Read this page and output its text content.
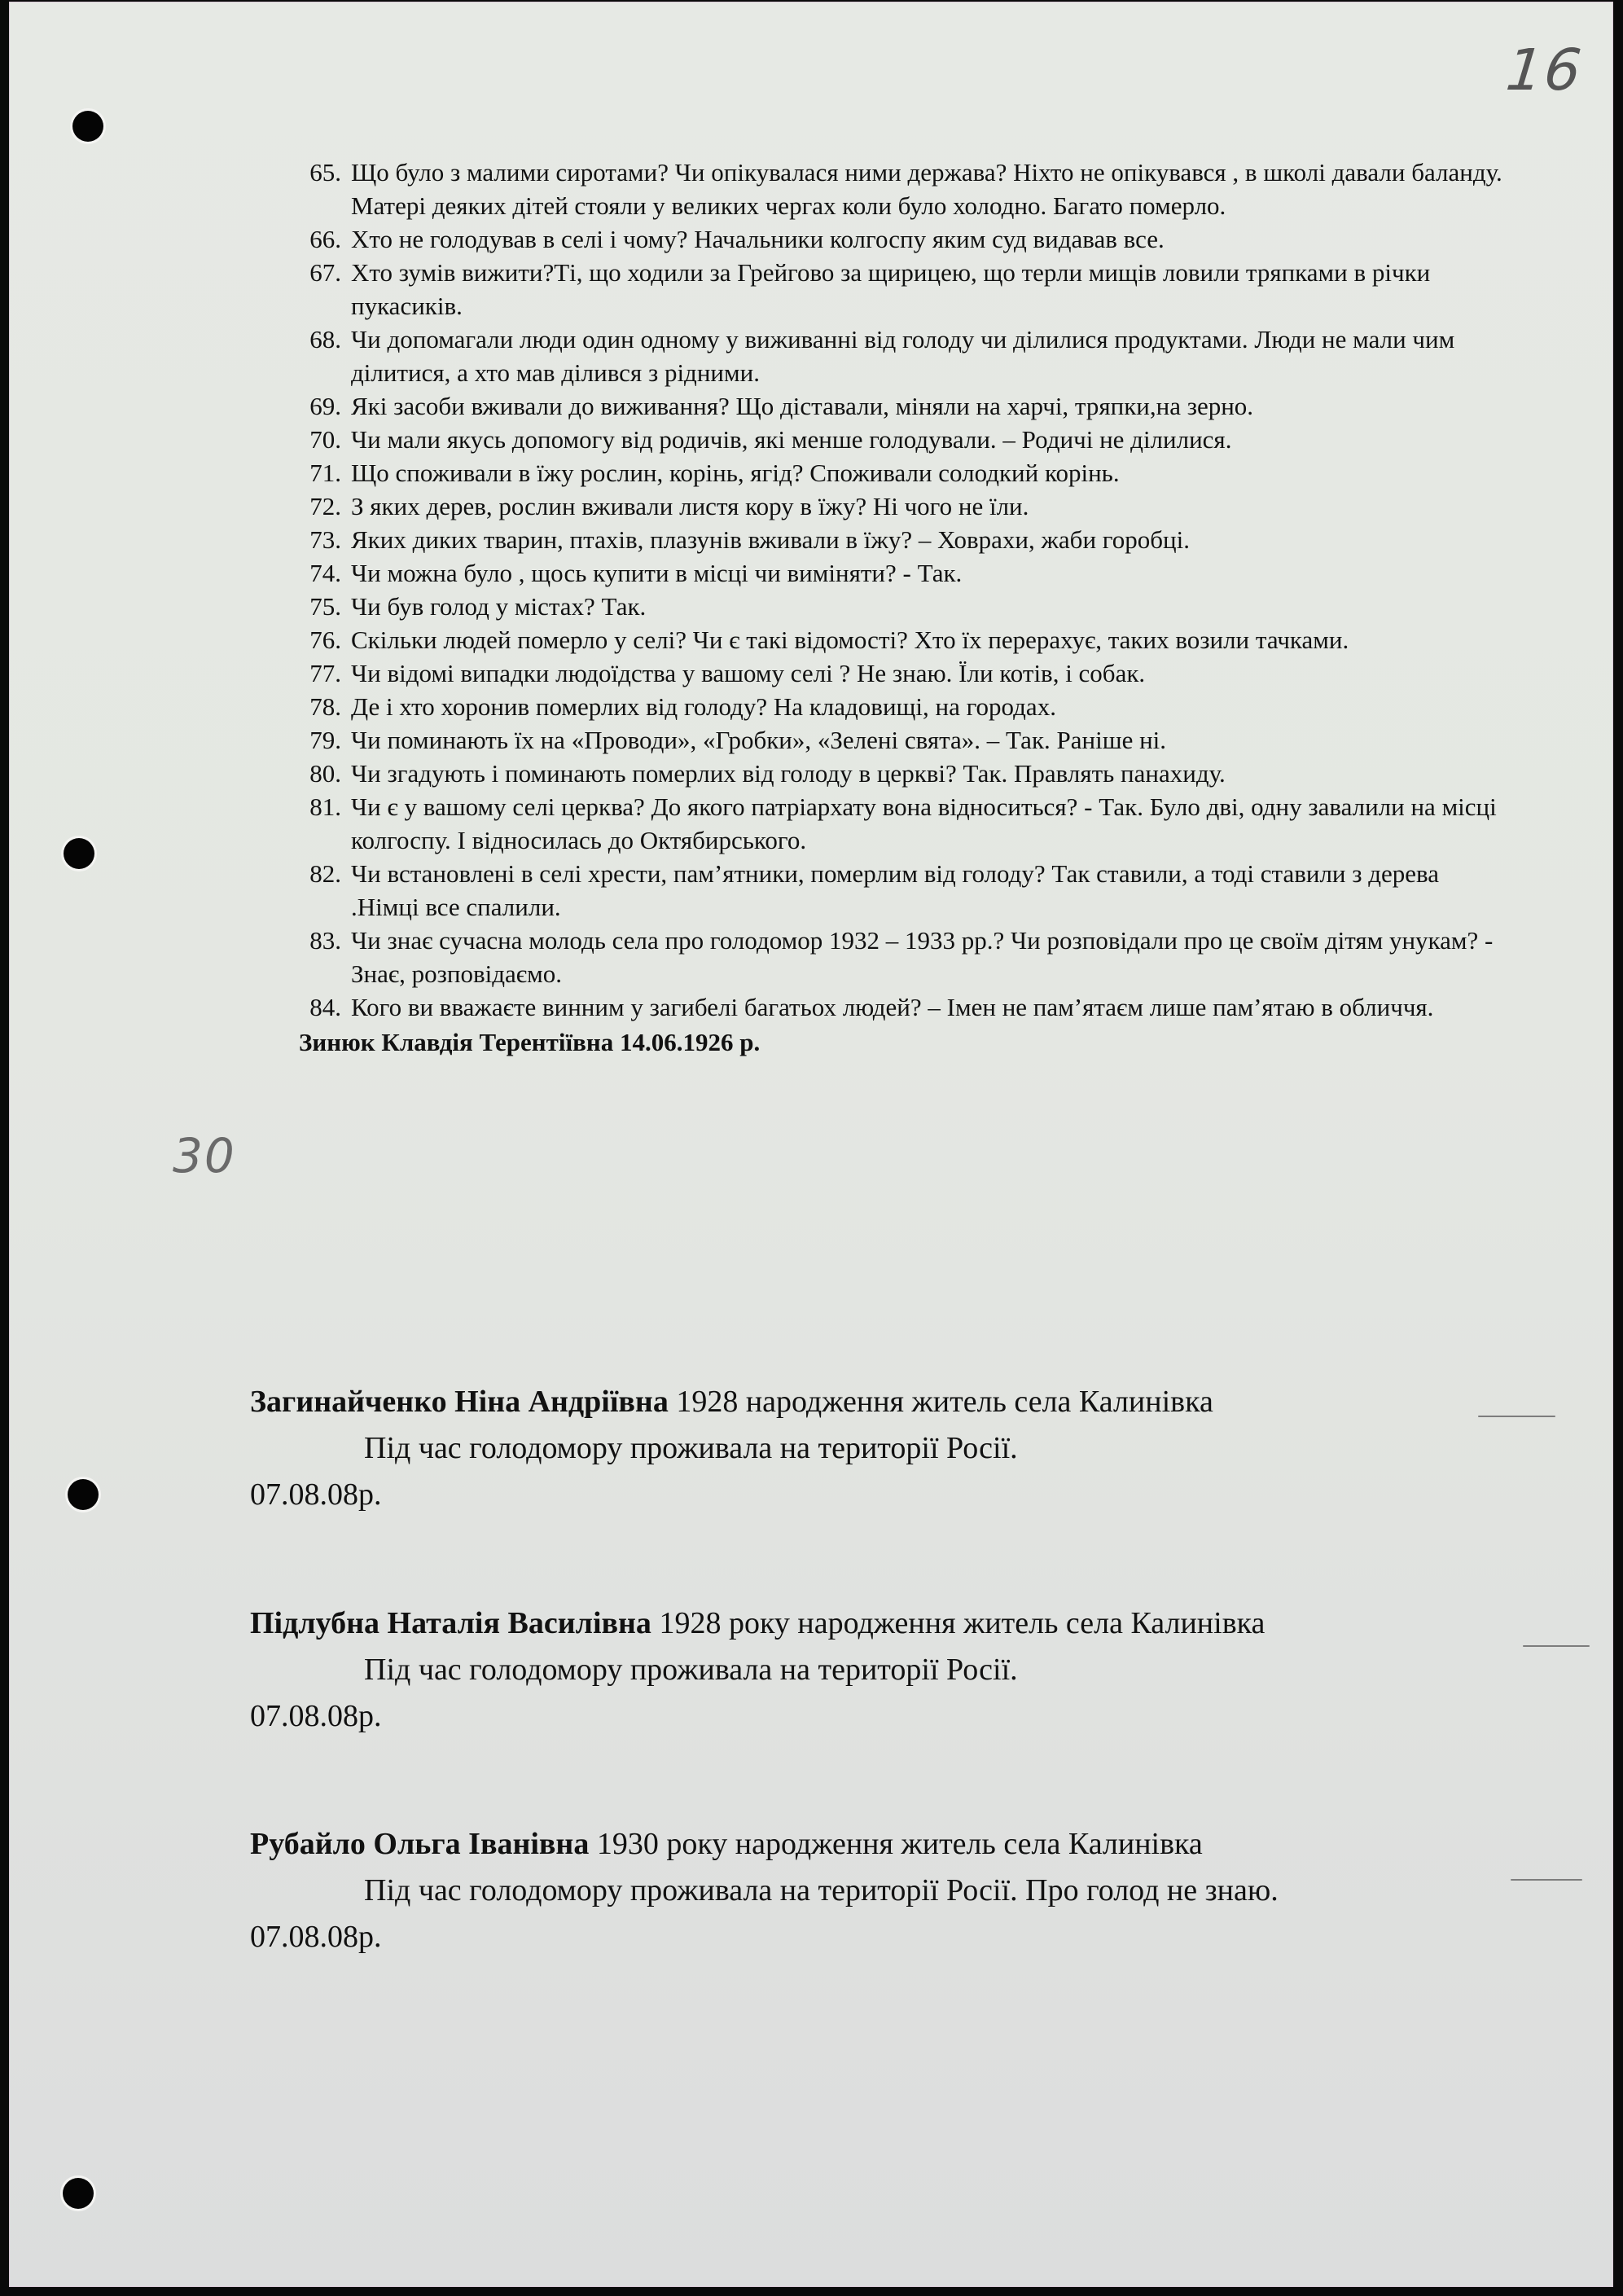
16
30
65. Що було з малими сиротами? Чи опікувалася ними держава? Ніхто не опікувався , в школі давали баланду. Матері деяких дітей стояли у великих чергах коли було холодно. Багато померло.
66. Хто не голодував в селі і чому? Начальники колгоспу яким суд видавав все.
67. Хто зумів вижити?Ті, що ходили за Грейгово за щирицею, що терли мищів ловили тряпками в річки пукасиків.
68. Чи допомагали люди один одному у виживанні від голоду чи ділилися продуктами. Люди не мали чим ділитися, а хто мав ділився з рідними.
69. Які засоби вживали до виживання? Що діставали, міняли на харчі, тряпки,на зерно.
70. Чи мали якусь допомогу від родичів, які менше голодували. – Родичі не ділилися.
71. Що споживали в їжу рослин, корінь, ягід? Споживали солодкий корінь.
72. З яких дерев, рослин вживали листя кору в їжу? Ні чого не їли.
73. Яких диких тварин, птахів, плазунів вживали в їжу? – Ховрахи, жаби горобці.
74. Чи можна було , щось купити в місці чи виміняти? - Так.
75. Чи був голод у містах? Так.
76. Скільки людей померло у селі? Чи є такі відомості? Хто їх перерахує, таких возили тачками.
77. Чи відомі випадки людоїдства у вашому селі ? Не знаю. Їли котів, і собак.
78. Де і хто хоронив померлих від голоду? На кладовищі, на городах.
79. Чи поминають їх на «Проводи», «Гробки», «Зелені свята». – Так. Раніше ні.
80. Чи згадують і поминають померлих від голоду в церкві? Так. Правлять панахиду.
81. Чи є у вашому селі церква? До якого патріархату вона відноситься? - Так. Було дві, одну завалили на місці колгоспу. І відносилась до Октябирського.
82. Чи встановлені в селі хрести, пам’ятники, померлим від голоду? Так ставили, а тоді ставили з дерева .Німці все спалили.
83. Чи знає сучасна молодь села про голодомор 1932 – 1933 рр.? Чи розповідали про це своїм дітям унукам? - Знає, розповідаємо.
84. Кого ви вважаєте винним у загибелі багатьох людей? – Імен не пам’ятаєм лише пам’ятаю в обличчя.
Зинюк Клавдія Терентіївна 14.06.1926 р.
Загинайченко Ніна Андріївна 1928 народження житель села Калинівка
Під час голодомору проживала на території Росії.
07.08.08р.
Підлубна Наталія Василівна 1928 року народження житель села Калинівка
Під час голодомору проживала на території Росії.
07.08.08р.
Рубайло Ольга Іванівна 1930 року народження житель села Калинівка
Під час голодомору проживала на території Росії. Про голод не знаю.
07.08.08р.
